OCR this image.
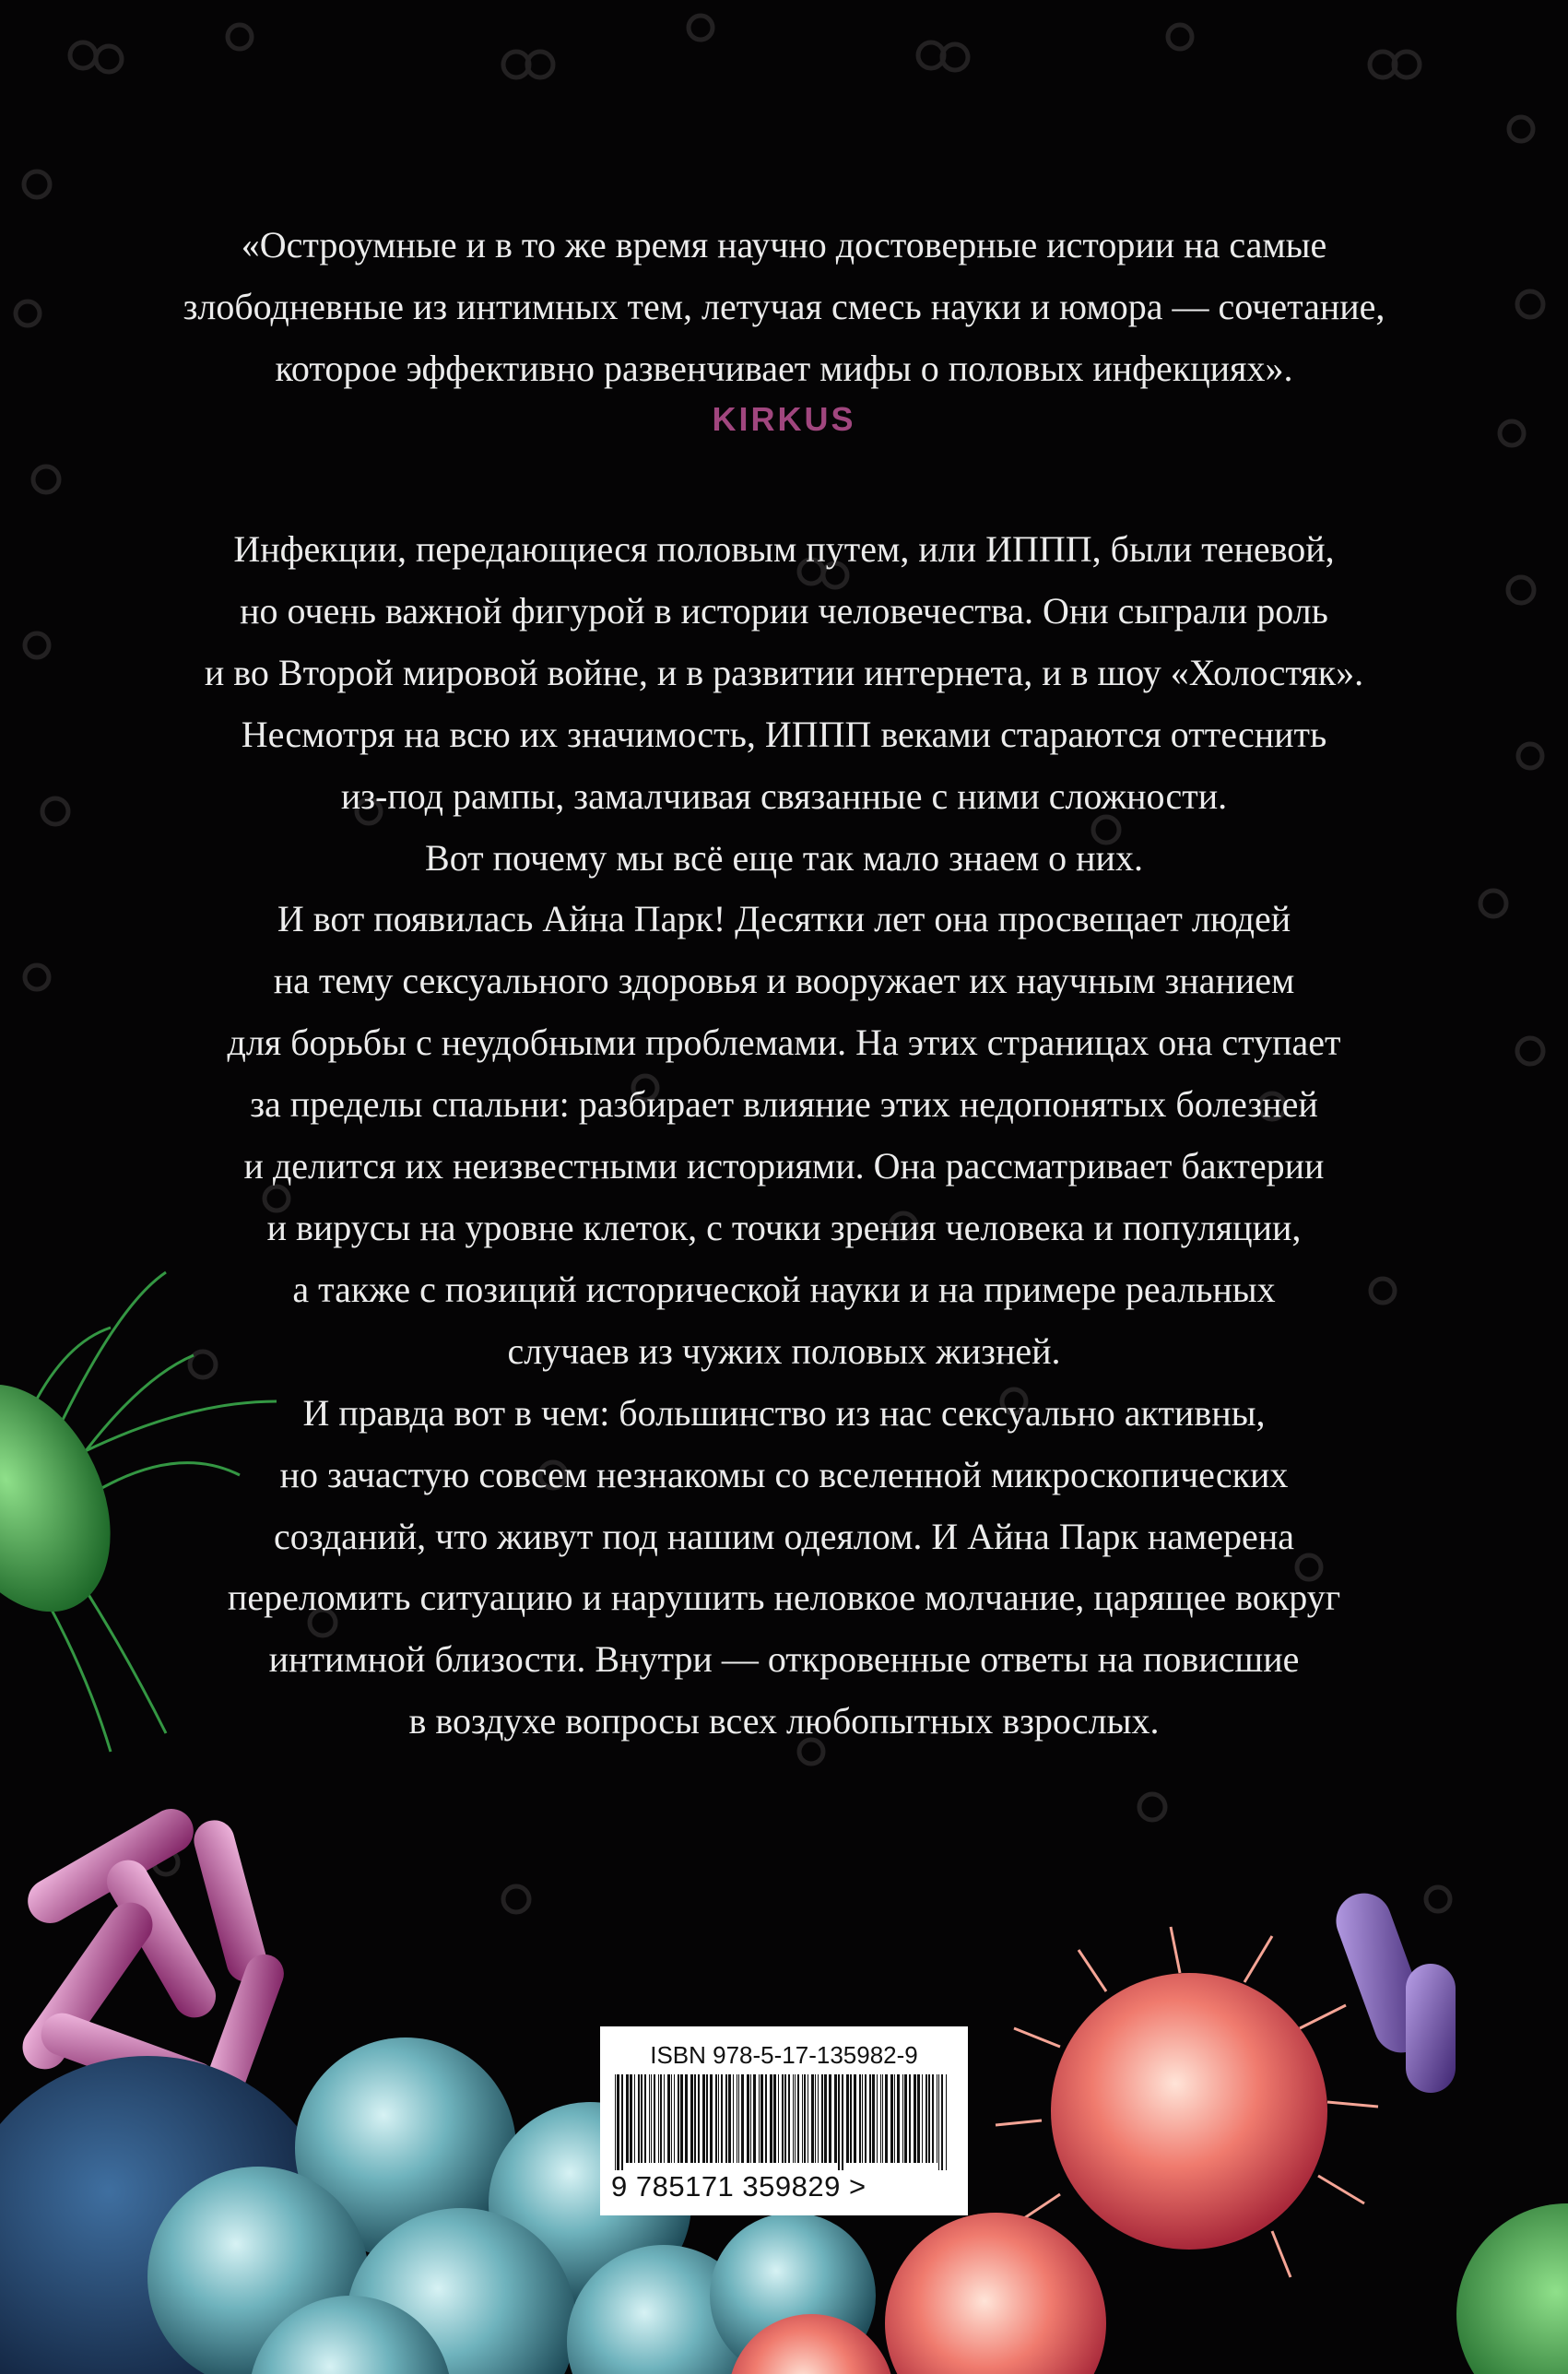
«Остроумные и в то же время научно достоверные истории на самые
злободневные из интимных тем, летучая смесь науки и юмора — сочетание,
которое эффективно развенчивает мифы о половых инфекциях».

KIRKUS

Инфекции, передающиеся половым путем, или ИППП, были теневой,
но очень важной фигурой в истории человечества. Они сыграли роль
и во Второй мировой войне, и в развитии интернета, и в шоу «Холостяк».
Несмотря на всю их значимость, ИППП веками стараются оттеснить
из-под рампы, замалчивая связанные с ними сложности.
Вот почему мы всё еще так мало знаем о них.
И вот появилась Айна Парк! Десятки лет она просвещает людей
на тему сексуального здоровья и вооружает их научным знанием
для борьбы с неудобными проблемами. На этих страницах она ступает
за пределы спальни: разбирает влияние этих недопонятых болезней
и делится их неизвестными историями. Она рассматривает бактерии
и вирусы на уровне клеток, с точки зрения человека и популяции,
а также с позиций исторической науки и на примере реальных
случаев из чужих половых жизней.
И правда вот в чем: большинство из нас сексуально активны,
но зачастую совсем незнакомы со вселенной микроскопических
созданий, что живут под нашим одеялом. И Айна Парк намерена
переломить ситуацию и нарушить неловкое молчание, царящее вокруг
интимной близости. Внутри — откровенные ответы на повисшие
в воздухе вопросы всех любопытных взрослых.

ISBN 978-5-17-135982-9
9 785171 359829 >
